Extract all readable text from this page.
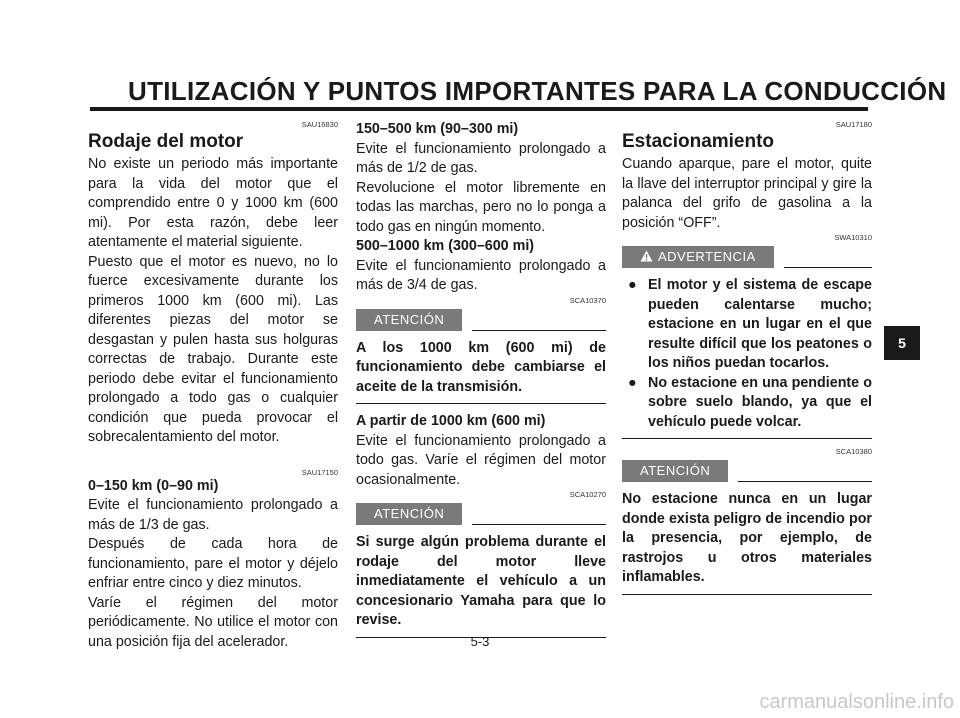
UTILIZACIÓN Y PUNTOS IMPORTANTES PARA LA CONDUCCIÓN

SAU16830

Rodaje del motor

No existe un periodo más importante para la vida del motor que el comprendido entre 0 y 1000 km (600 mi). Por esta razón, debe leer atentamente el material siguiente.

Puesto que el motor es nuevo, no lo fuerce excesivamente durante los primeros 1000 km (600 mi). Las diferentes piezas del motor se desgastan y pulen hasta sus holguras correctas de trabajo. Durante este periodo debe evitar el funcionamiento prolongado a todo gas o cualquier condición que pueda provocar el sobrecalentamiento del motor.

SAU17150

0–150 km (0–90 mi)

Evite el funcionamiento prolongado a más de 1/3 de gas.

Después de cada hora de funcionamiento, pare el motor y déjelo enfriar entre cinco y diez minutos.

Varíe el régimen del motor periódicamente. No utilice el motor con una posición fija del acelerador.

150–500 km (90–300 mi)

Evite el funcionamiento prolongado a más de 1/2 de gas.

Revolucione el motor libremente en todas las marchas, pero no lo ponga a todo gas en ningún momento.

500–1000 km (300–600 mi)

Evite el funcionamiento prolongado a más de 3/4 de gas.

SCA10370

ATENCIÓN

A los 1000 km (600 mi) de funcionamiento debe cambiarse el aceite de la transmisión.

A partir de 1000 km (600 mi)

Evite el funcionamiento prolongado a todo gas. Varíe el régimen del motor ocasionalmente.

SCA10270

ATENCIÓN

Si surge algún problema durante el rodaje del motor lleve inmediatamente el vehículo a un concesionario Yamaha para que lo revise.

SAU17180

Estacionamiento

Cuando aparque, pare el motor, quite la llave del interruptor principal y gire la palanca del grifo de gasolina a la posición “OFF”.

SWA10310

ADVERTENCIA
● El motor y el sistema de escape pueden calentarse mucho; estacione en un lugar en el que resulte difícil que los peatones o los niños puedan tocarlos.
● No estacione en una pendiente o sobre suelo blando, ya que el vehículo puede volcar.

SCA10380

ATENCIÓN

No estacione nunca en un lugar donde exista peligro de incendio por la presencia, por ejemplo, de rastrojos u otros materiales inflamables.

5
5-3
carmanualsonline.info
